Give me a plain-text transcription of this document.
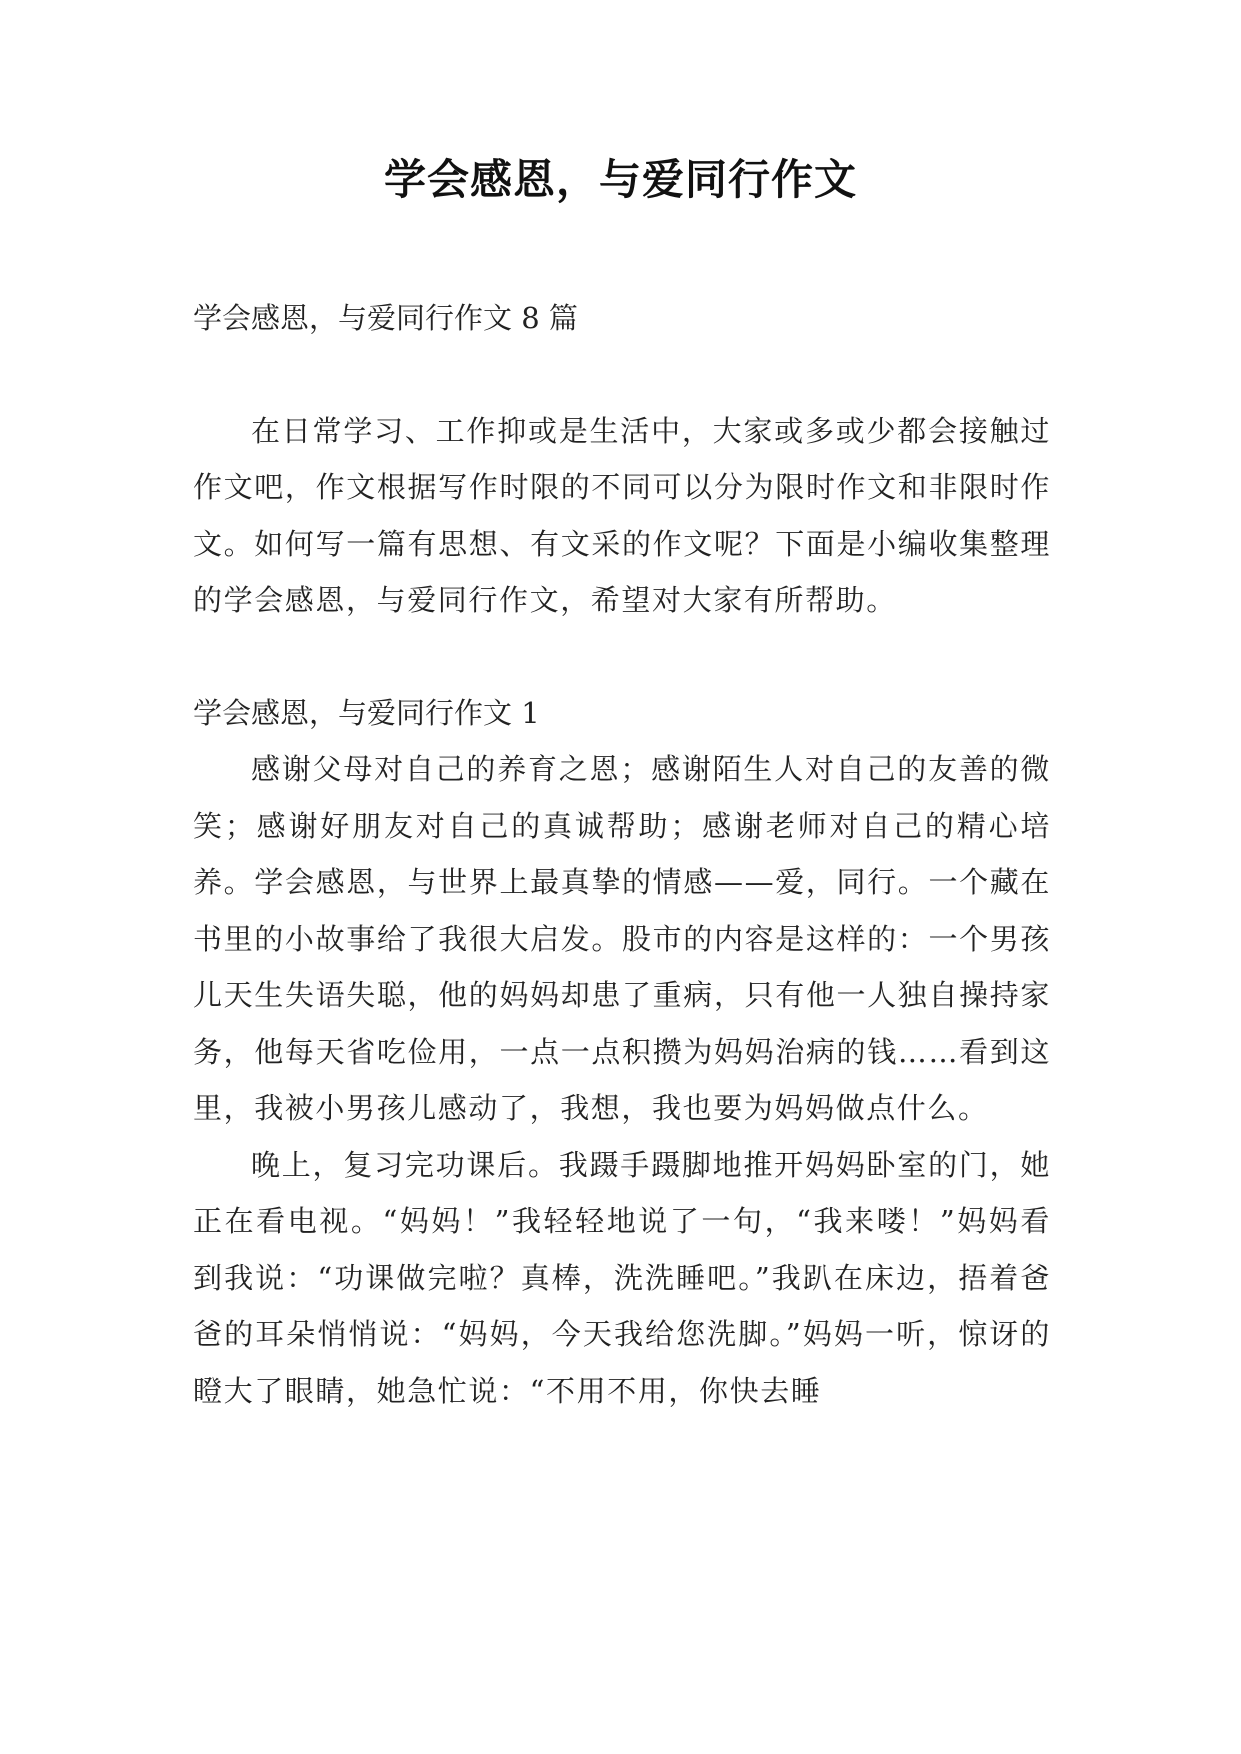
学会感恩，与爱同行作文

学会感恩，与爱同行作文 8 篇

在日常学习、工作抑或是生活中，大家或多或少都会接触过作文吧，作文根据写作时限的不同可以分为限时作文和非限时作文。如何写一篇有思想、有文采的作文呢？下面是小编收集整理的学会感恩，与爱同行作文，希望对大家有所帮助。

学会感恩，与爱同行作文 1

感谢父母对自己的养育之恩；感谢陌生人对自己的友善的微笑；感谢好朋友对自己的真诚帮助；感谢老师对自己的精心培养。学会感恩，与世界上最真挚的情感——爱，同行。一个藏在书里的小故事给了我很大启发。股市的内容是这样的：一个男孩儿天生失语失聪，他的妈妈却患了重病，只有他一人独自操持家务，他每天省吃俭用，一点一点积攒为妈妈治病的钱……看到这里，我被小男孩儿感动了，我想，我也要为妈妈做点什么。

晚上，复习完功课后。我蹑手蹑脚地推开妈妈卧室的门，她正在看电视。“妈妈！”我轻轻地说了一句，“我来喽！”妈妈看到我说：“功课做完啦？真棒，洗洗睡吧。”我趴在床边，捂着爸爸的耳朵悄悄说：“妈妈，今天我给您洗脚。”妈妈一听，惊讶的瞪大了眼睛，她急忙说：“不用不用，你快去睡
